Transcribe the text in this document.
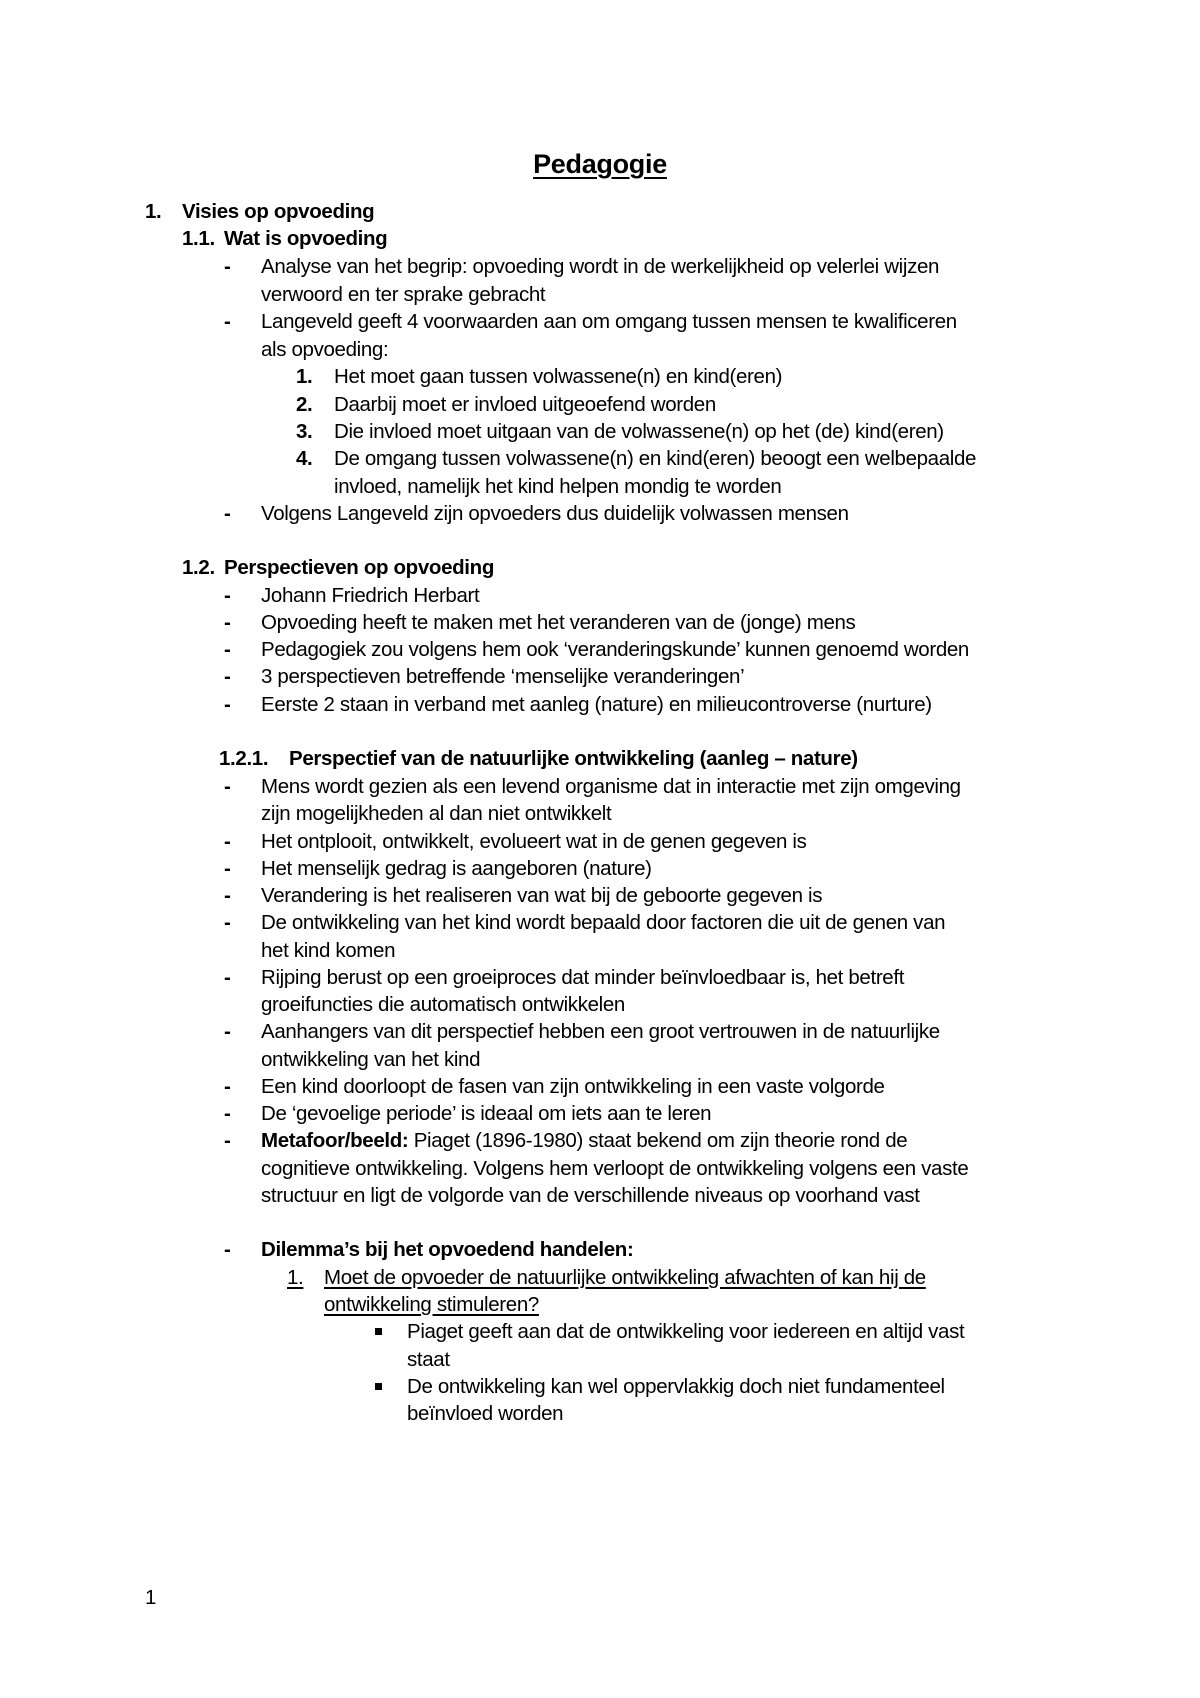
Pedagogie
1. Visies op opvoeding
1.1. Wat is opvoeding
- Analyse van het begrip: opvoeding wordt in de werkelijkheid op velerlei wijzen
verwoord en ter sprake gebracht
- Langeveld geeft 4 voorwaarden aan om omgang tussen mensen te kwalificeren
als opvoeding:
1. Het moet gaan tussen volwassene(n) en kind(eren)
2. Daarbij moet er invloed uitgeoefend worden
3. Die invloed moet uitgaan van de volwassene(n) op het (de) kind(eren)
4. De omgang tussen volwassene(n) en kind(eren) beoogt een welbepaalde
invloed, namelijk het kind helpen mondig te worden
- Volgens Langeveld zijn opvoeders dus duidelijk volwassen mensen
1.2. Perspectieven op opvoeding
- Johann Friedrich Herbart
- Opvoeding heeft te maken met het veranderen van de (jonge) mens
- Pedagogiek zou volgens hem ook ‘veranderingskunde’ kunnen genoemd worden
- 3 perspectieven betreffende ‘menselijke veranderingen’
- Eerste 2 staan in verband met aanleg (nature) en milieucontroverse (nurture)
1.2.1. Perspectief van de natuurlijke ontwikkeling (aanleg – nature)
- Mens wordt gezien als een levend organisme dat in interactie met zijn omgeving
zijn mogelijkheden al dan niet ontwikkelt
- Het ontplooit, ontwikkelt, evolueert wat in de genen gegeven is
- Het menselijk gedrag is aangeboren (nature)
- Verandering is het realiseren van wat bij de geboorte gegeven is
- De ontwikkeling van het kind wordt bepaald door factoren die uit de genen van
het kind komen
- Rijping berust op een groeiproces dat minder beïnvloedbaar is, het betreft
groeifuncties die automatisch ontwikkelen
- Aanhangers van dit perspectief hebben een groot vertrouwen in de natuurlijke
ontwikkeling van het kind
- Een kind doorloopt de fasen van zijn ontwikkeling in een vaste volgorde
- De ‘gevoelige periode’ is ideaal om iets aan te leren
- Metafoor/beeld: Piaget (1896-1980) staat bekend om zijn theorie rond de
cognitieve ontwikkeling. Volgens hem verloopt de ontwikkeling volgens een vaste
structuur en ligt de volgorde van de verschillende niveaus op voorhand vast
- Dilemma’s bij het opvoedend handelen:
1. Moet de opvoeder de natuurlijke ontwikkeling afwachten of kan hij de
ontwikkeling stimuleren?
Piaget geeft aan dat de ontwikkeling voor iedereen en altijd vast
staat
De ontwikkeling kan wel oppervlakkig doch niet fundamenteel
beïnvloed worden
1
